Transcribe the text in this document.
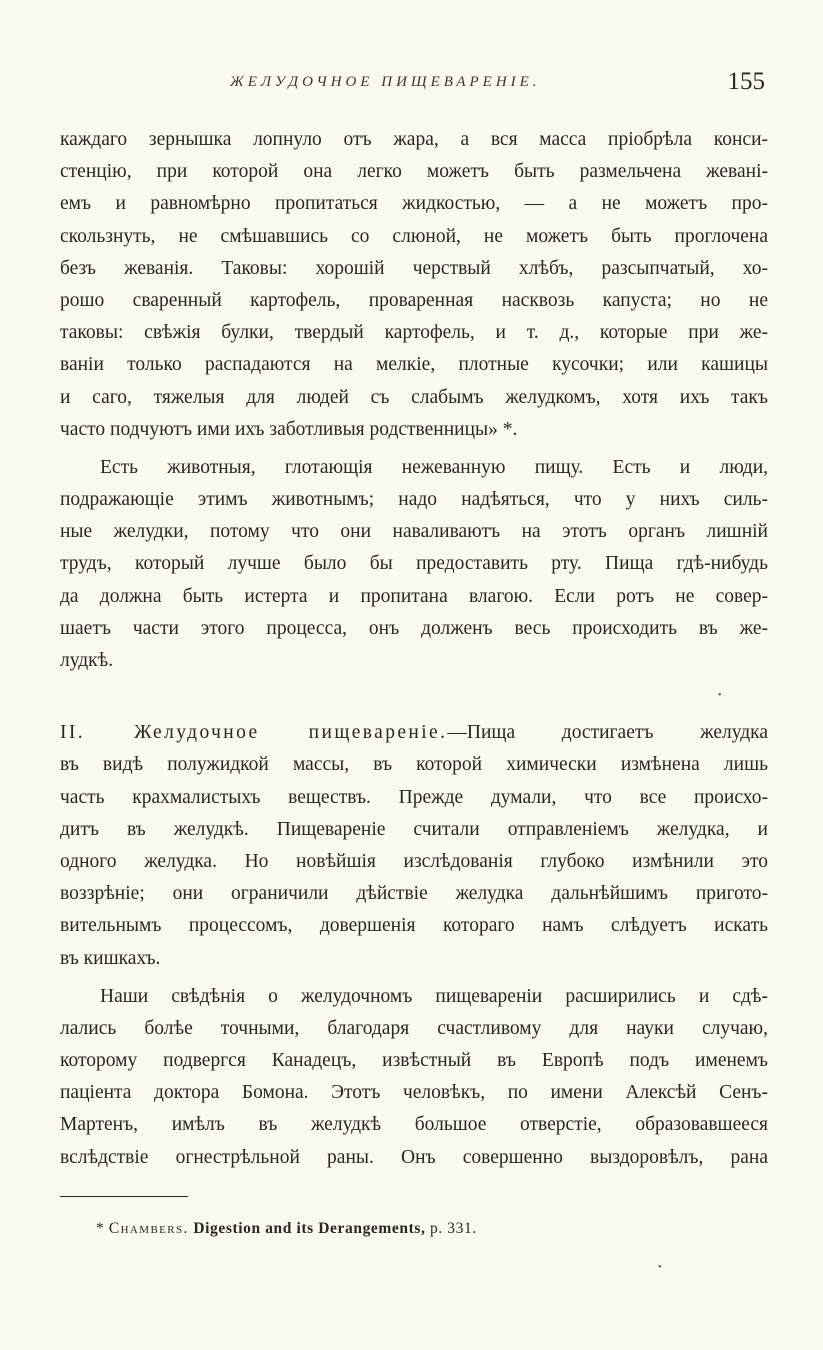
ЖЕЛУДОЧНОЕ ПИЩЕВАРЕНIЕ.	155
каждаго зернышка лопнуло отъ жара, а вся масса прiобрѣла конси-
стенцiю, при которой она легко можетъ быть размельчена жеванi-
емъ и равномѣрно пропитаться жидкостью, — а не можетъ про-
скользнуть, не смѣшавшись со слюной, не можетъ быть проглочена
безъ жеванiя. Таковы: хорошiй черствый хлѣбъ, разсыпчатый, хо-
рошо сваренный картофель, проваренная насквозь капуста; но не
таковы: свѣжiя булки, твердый картофель, и т. д., которые при же-
ванiи только распадаются на мелкiе, плотные кусочки; или кашицы
и саго, тяжелыя для людей съ слабымъ желудкомъ, хотя ихъ такъ
часто подчуютъ ими ихъ заботливыя родственницы» *.
Есть животныя, глотающiя нежеванную пищу. Есть и люди,
подражающiе этимъ животнымъ; надо надѣяться, что у нихъ силь-
ные желудки, потому что они наваливаютъ на этотъ органъ лишнiй
трудъ, который лучше было бы предоставить рту. Пища гдѣ-нибудь
да должна быть истерта и пропитана влагою. Если ротъ не совер-
шаетъ части этого процесса, онъ долженъ весь происходить въ же-
лудкѣ.
II. Желудочное пищеваренiе.—Пища достигаетъ желудка
въ видѣ полужидкой массы, въ которой химически измѣнена лишь
часть крахмалистыхъ веществъ. Прежде думали, что все происхо-
дитъ въ желудкѣ. Пищеваренiе считали отправленiемъ желудка, и
одного желудка. Но новѣйшiя изслѣдованiя глубоко измѣнили это
воззрѣнiе; они ограничили дѣйствiе желудка дальнѣйшимъ пригото-
вительнымъ процессомъ, довершенiя котораго намъ слѣдуетъ искать
въ кишкахъ.
Наши свѣдѣнiя о желудочномъ пищеваренiи расширились и сдѣ-
лались болѣе точными, благодаря счастливому для науки случаю,
которому подвергся Канадецъ, извѣстный въ Европѣ подъ именемъ
пацiента доктора Бомона. Этотъ человѣкъ, по имени Алексѣй Сенъ-
Мартенъ, имѣлъ въ желудкѣ большое отверстiе, образовавшееся
вслѣдствiе огнестрѣльной раны. Онъ совершенно выздоровѣлъ, рана
•
•
* Chambers. Digestion and its Derangements, p. 331.
